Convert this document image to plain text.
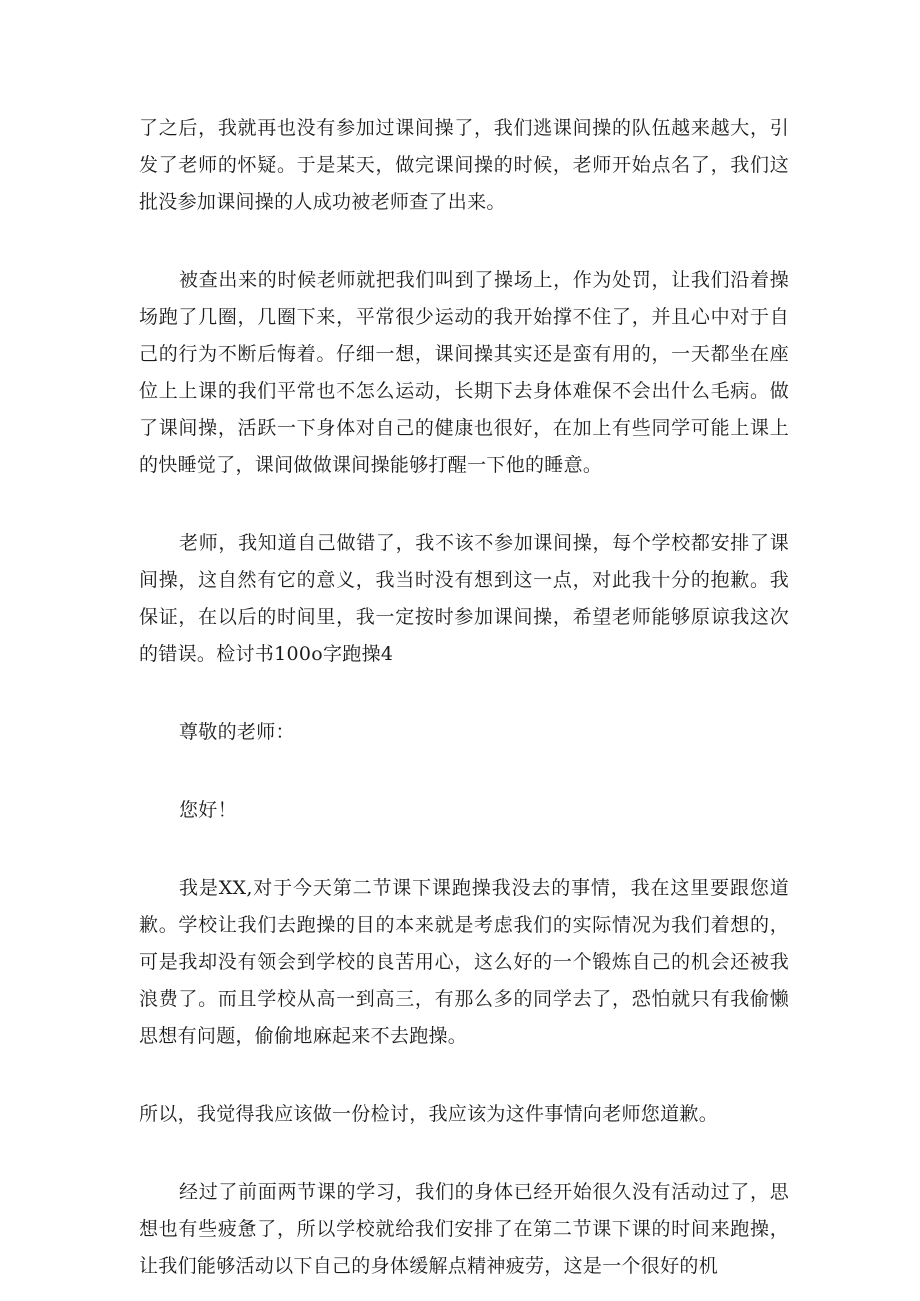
了之后，我就再也没有参加过课间操了，我们逃课间操的队伍越来越大，引发了老师的怀疑。于是某天，做完课间操的时候，老师开始点名了，我们这批没参加课间操的人成功被老师查了出来。

被查出来的时候老师就把我们叫到了操场上，作为处罚，让我们沿着操场跑了几圈，几圈下来，平常很少运动的我开始撑不住了，并且心中对于自己的行为不断后悔着。仔细一想，课间操其实还是蛮有用的，一天都坐在座位上上课的我们平常也不怎么运动，长期下去身体难保不会出什么毛病。做了课间操，活跃一下身体对自己的健康也很好，在加上有些同学可能上课上的快睡觉了，课间做做课间操能够打醒一下他的睡意。

老师，我知道自己做错了，我不该不参加课间操，每个学校都安排了课间操，这自然有它的意义，我当时没有想到这一点，对此我十分的抱歉。我保证，在以后的时间里，我一定按时参加课间操，希望老师能够原谅我这次的错误。检讨书100o字跑操4

尊敬的老师：

您好！

我是XX,对于今天第二节课下课跑操我没去的事情，我在这里要跟您道歉。学校让我们去跑操的目的本来就是考虑我们的实际情况为我们着想的，可是我却没有领会到学校的良苦用心，这么好的一个锻炼自己的机会还被我浪费了。而且学校从高一到高三，有那么多的同学去了，恐怕就只有我偷懒思想有问题，偷偷地麻起来不去跑操。

所以，我觉得我应该做一份检讨，我应该为这件事情向老师您道歉。

经过了前面两节课的学习，我们的身体已经开始很久没有活动过了，思想也有些疲惫了，所以学校就给我们安排了在第二节课下课的时间来跑操，让我们能够活动以下自己的身体缓解点精神疲劳，这是一个很好的机
